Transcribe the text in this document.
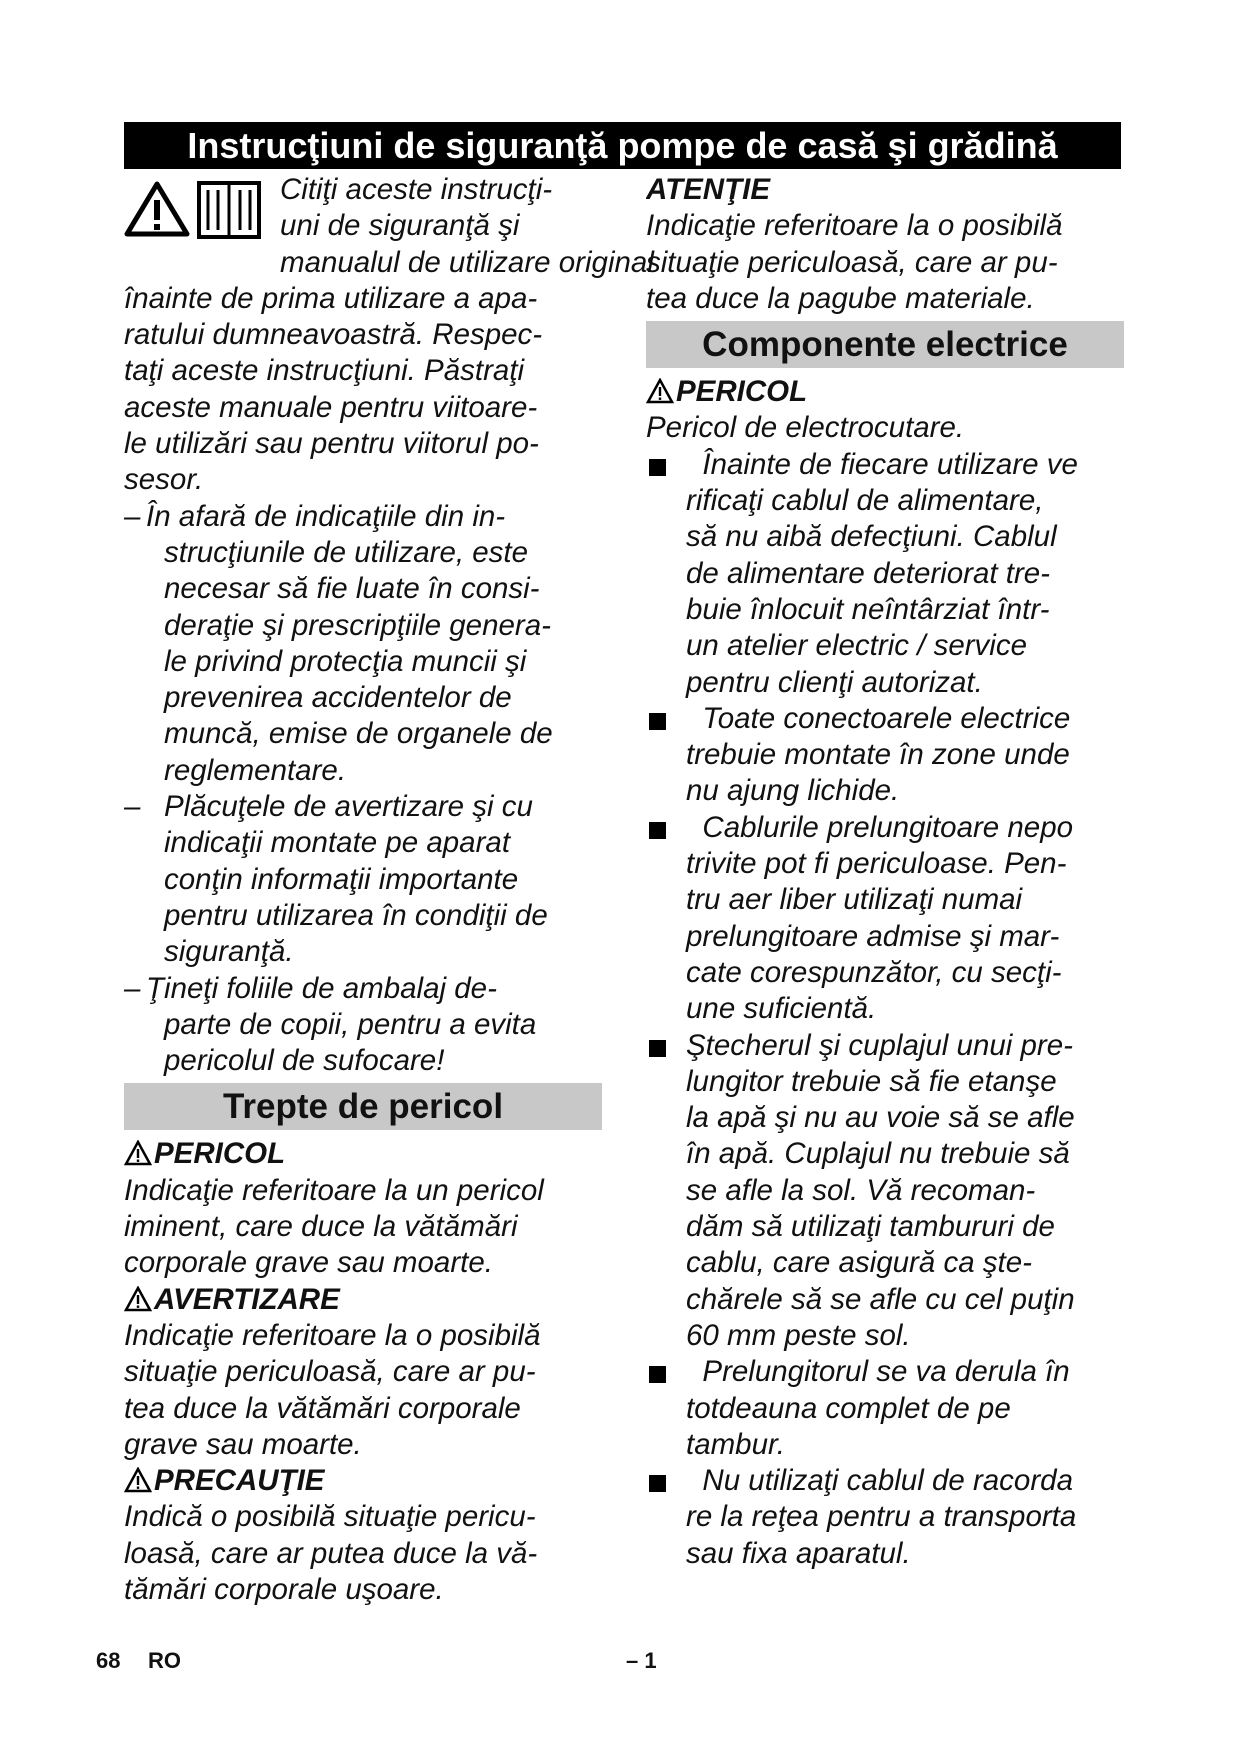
Instrucţiuni de siguranţă pompe de casă şi grădină
Citiţi aceste instrucţi-
uni de siguranţă şi
manualul de utilizare original
înainte de prima utilizare a apa-
ratului dumneavoastră. Respec-
taţi aceste instrucţiuni. Păstraţi
aceste manuale pentru viitoare-
le utilizări sau pentru viitorul po-
sesor.
– În afară de indicaţiile din in-
strucţiunile de utilizare, este
necesar să fie luate în consi-
deraţie şi prescripţiile genera-
le privind protecţia muncii şi
prevenirea accidentelor de
muncă, emise de organele de
reglementare.
– Plăcuţele de avertizare şi cu
indicaţii montate pe aparat
conţin informaţii importante
pentru utilizarea în condiţii de
siguranţă.
– Ţineţi foliile de ambalaj de-
parte de copii, pentru a evita
pericolul de sufocare!
Trepte de pericol

PERICOL

Indicaţie referitoare la un pericol
iminent, care duce la vătămări
corporale grave sau moarte.

AVERTIZARE

Indicaţie referitoare la o posibilă
situaţie periculoasă, care ar pu-
tea duce la vătămări corporale
grave sau moarte.

PRECAUŢIE

Indică o posibilă situaţie pericu-
loasă, care ar putea duce la vă-
tămări corporale uşoare.

ATENŢIE

Indicaţie referitoare la o posibilă
situaţie periculoasă, care ar pu-
tea duce la pagube materiale.
Componente electrice

PERICOL

Pericol de electrocutare.
Înainte de fiecare utilizare ve
rificaţi cablul de alimentare,
să nu aibă defecţiuni. Cablul
de alimentare deteriorat tre-
buie înlocuit neîntârziat într-
un atelier electric / service
pentru clienţi autorizat.
Toate conectoarele electrice
trebuie montate în zone unde
nu ajung lichide.
Cablurile prelungitoare nepo
trivite pot fi periculoase. Pen-
tru aer liber utilizaţi numai
prelungitoare admise şi mar-
cate corespunzător, cu secţi-
une suficientă.
Ştecherul şi cuplajul unui pre-
lungitor trebuie să fie etanşe
la apă şi nu au voie să se afle
în apă. Cuplajul nu trebuie să
se afle la sol. Vă recoman-
dăm să utilizaţi tambururi de
cablu, care asigură ca şte-
chărele să se afle cu cel puţin
60 mm peste sol.
Prelungitorul se va derula în
totdeauna complet de pe
tambur.
Nu utilizaţi cablul de racorda
re la reţea pentru a transporta
sau fixa aparatul.
68 RO	– 1
